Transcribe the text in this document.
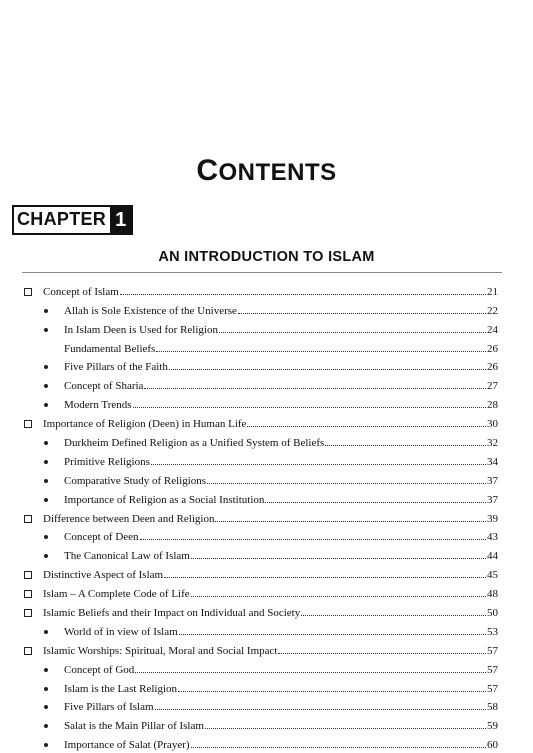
CONTENTS
CHAPTER 1
AN INTRODUCTION TO ISLAM
Concept of Islam	21
Allah is Sole Existence of the Universe	22
In Islam Deen is Used for Religion	24
Fundamental Beliefs	26
Five Pillars of the Faith	26
Concept of Sharia	27
Modern Trends	28
Importance of Religion (Deen) in Human Life	30
Durkheim Defined Religion as a Unified System of Beliefs	32
Primitive Religions	34
Comparative Study of Religions	37
Importance of Religion as a Social Institution	37
Difference between Deen and Religion	39
Concept of Deen	43
The Canonical Law of Islam	44
Distinctive Aspect of Islam	45
Islam – A Complete Code of Life	48
Islamic Beliefs and their Impact on Individual and Society	50
World of in view of Islam	53
Islamic Worships: Spiritual, Moral and Social Impact	57
Concept of God	57
Islam is the Last Religion	57
Five Pillars of Islam	58
Salat is the Main Pillar of Islam	59
Importance of Salat (Prayer)	60
